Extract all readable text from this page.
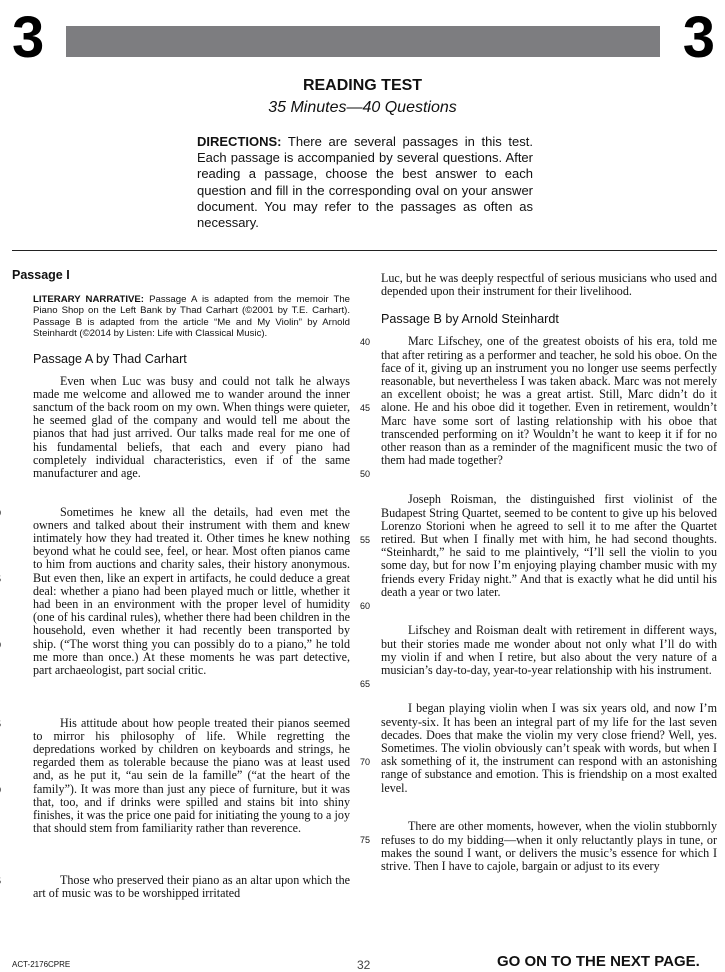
3	3
READING TEST
35 Minutes—40 Questions
DIRECTIONS: There are several passages in this test. Each passage is accompanied by several questions. After reading a passage, choose the best answer to each question and fill in the corresponding oval on your answer document. You may refer to the passages as often as necessary.
Passage I
LITERARY NARRATIVE: Passage A is adapted from the memoir The Piano Shop on the Left Bank by Thad Carhart (©2001 by T.E. Carhart). Passage B is adapted from the article “Me and My Violin” by Arnold Steinhardt (©2014 by Listen: Life with Classical Music).
Passage A by Thad Carhart
Even when Luc was busy and could not talk he always made me welcome and allowed me to wander around the inner sanctum of the back room on my own. When things were quieter, he seemed glad of the company and would tell me about the pianos that had just arrived. Our talks made real for me one of his fundamental beliefs, that each and every piano had completely individual characteristics, even if of the same manufacturer and age.
Sometimes he knew all the details, had even met the owners and talked about their instrument with them and knew intimately how they had treated it. Other times he knew nothing beyond what he could see, feel, or hear. Most often pianos came to him from auctions and charity sales, their history anonymous. But even then, like an expert in artifacts, he could deduce a great deal: whether a piano had been played much or little, whether it had been in an environment with the proper level of humidity (one of his cardinal rules), whether there had been children in the household, even whether it had recently been transported by ship. (“The worst thing you can possibly do to a piano,” he told me more than once.) At these moments he was part detective, part archaeologist, part social critic.
His attitude about how people treated their pianos seemed to mirror his philosophy of life. While regretting the depredations worked by children on keyboards and strings, he regarded them as tolerable because the piano was at least used and, as he put it, “au sein de la famille” (“at the heart of the family”). It was more than just any piece of furniture, but it was that, too, and if drinks were spilled and stains bit into shiny finishes, it was the price one paid for initiating the young to a joy that should stem from familiarity rather than reverence.
Those who preserved their piano as an altar upon which the art of music was to be worshipped irritated
Luc, but he was deeply respectful of serious musicians who used and depended upon their instrument for their livelihood.
Passage B by Arnold Steinhardt
40
45
50
Marc Lifschey, one of the greatest oboists of his era, told me that after retiring as a performer and teacher, he sold his oboe. On the face of it, giving up an instrument you no longer use seems perfectly reasonable, but nevertheless I was taken aback. Marc was not merely an excellent oboist; he was a great artist. Still, Marc didn’t do it alone. He and his oboe did it together. Even in retirement, wouldn’t Marc have some sort of lasting relationship with his oboe that transcended performing on it? Wouldn’t he want to keep it if for no other reason than as a reminder of the magnificent music the two of them had made together?
55
60
Joseph Roisman, the distinguished first violinist of the Budapest String Quartet, seemed to be content to give up his beloved Lorenzo Storioni when he agreed to sell it to me after the Quartet retired. But when I finally met with him, he had second thoughts. “Steinhardt,” he said to me plaintively, “I’ll sell the violin to you some day, but for now I’m enjoying playing chamber music with my friends every Friday night.” And that is exactly what he did until his death a year or two later.
65
Lifschey and Roisman dealt with retirement in different ways, but their stories made me wonder about not only what I’ll do with my violin if and when I retire, but also about the very nature of a musician’s day-to-day, year-to-year relationship with his instrument.
70
I began playing violin when I was six years old, and now I’m seventy-six. It has been an integral part of my life for the last seven decades. Does that make the violin my very close friend? Well, yes. Sometimes. The violin obviously can’t speak with words, but when I ask something of it, the instrument can respond with an astonishing range of substance and emotion. This is friendship on a most exalted level.
75
There are other moments, however, when the violin stubbornly refuses to do my bidding—when it only reluctantly plays in tune, or makes the sound I want, or delivers the music’s essence for which I strive. Then I have to cajole, bargain or adjust to its every
ACT-2176CPRE	32	GO ON TO THE NEXT PAGE.
